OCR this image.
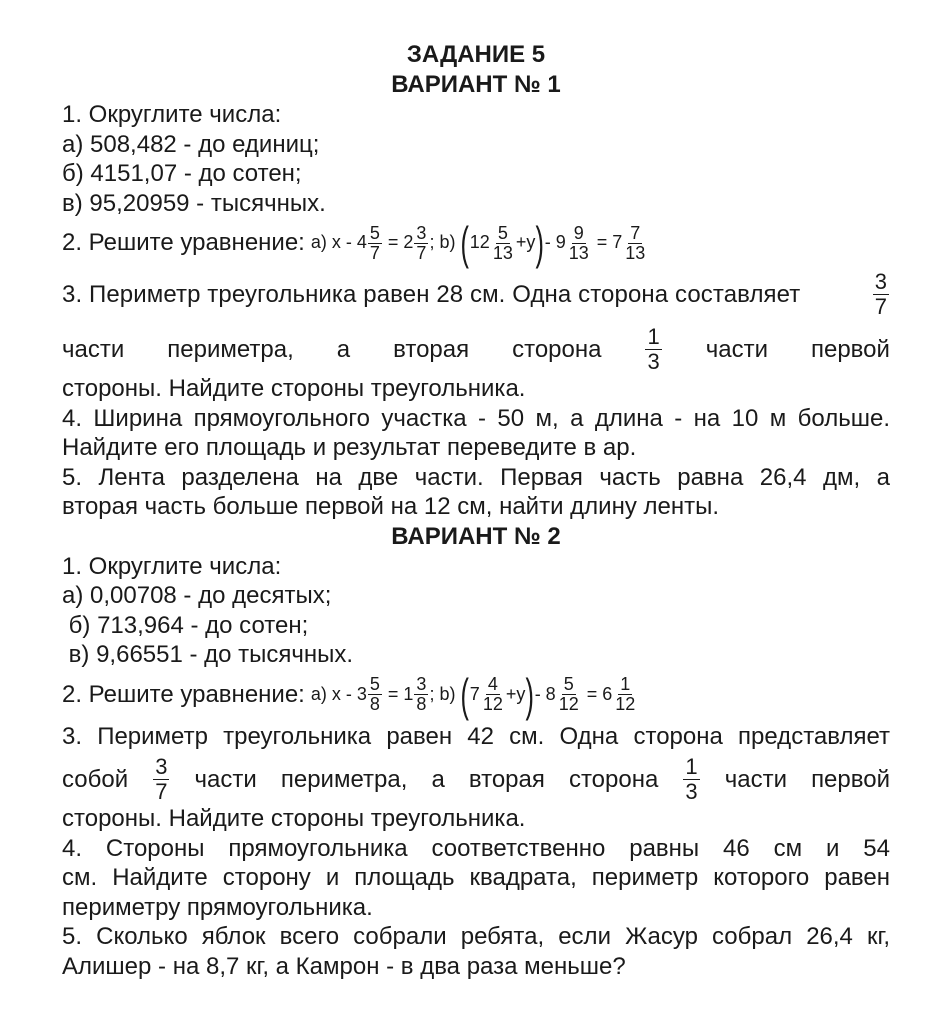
ЗАДАНИЕ 5
ВАРИАНТ № 1
1. Округлите числа:
а) 508,482 - до единиц;
б) 4151,07 - до сотен;
в) 95,20959 - тысячных.
2. Решите уравнение: a) x - $4 \frac{5}{7}$
= $2 \frac{3}{7}$ ; b)
( $12 \frac{5}{13} +y$ ) - $9 \frac{9}{13}$
= $7 \frac{7}{13}$
3. Периметр треугольника равен 28 см. Одна сторона составляет	$\frac{3}{7}$
части периметра, а вторая сторона $\frac{1}{3}$ части первой
стороны. Найдите стороны треугольника.
4. Ширина прямоугольного участка - 50 м, а длина - на 10 м больше.
Найдите его площадь и результат переведите в ар.
5. Лента разделена на две части. Первая часть равна 26,4 дм, а
вторая часть больше первой на 12 см, найти длину ленты.
ВАРИАНТ № 2
1. Округлите числа:
а) 0,00708 - до десятых;
б) 713,964 - до сотен;
в) 9,66551 - до тысячных.
2. Решите уравнение: a) x - $3 \frac{5}{8}$
= $1 \frac{3}{8}$ ; b)
( $7 \frac{4}{12} +y$ ) - $8 \frac{5}{12}$
= $6 \frac{1}{12}$
3. Периметр треугольника равен 42 см. Одна сторона представляет
собой $\frac{3}{7}$ части периметра, а вторая сторона $\frac{1}{3}$ части первой
стороны. Найдите стороны треугольника.
4. Стороны прямоугольника соответственно равны 46 см и 54
см. Найдите сторону и площадь квадрата, периметр которого равен
периметру прямоугольника.
5. Сколько яблок всего собрали ребята, если Жасур собрал 26,4 кг,
Алишер - на 8,7 кг, а Камрон - в два раза меньше?
